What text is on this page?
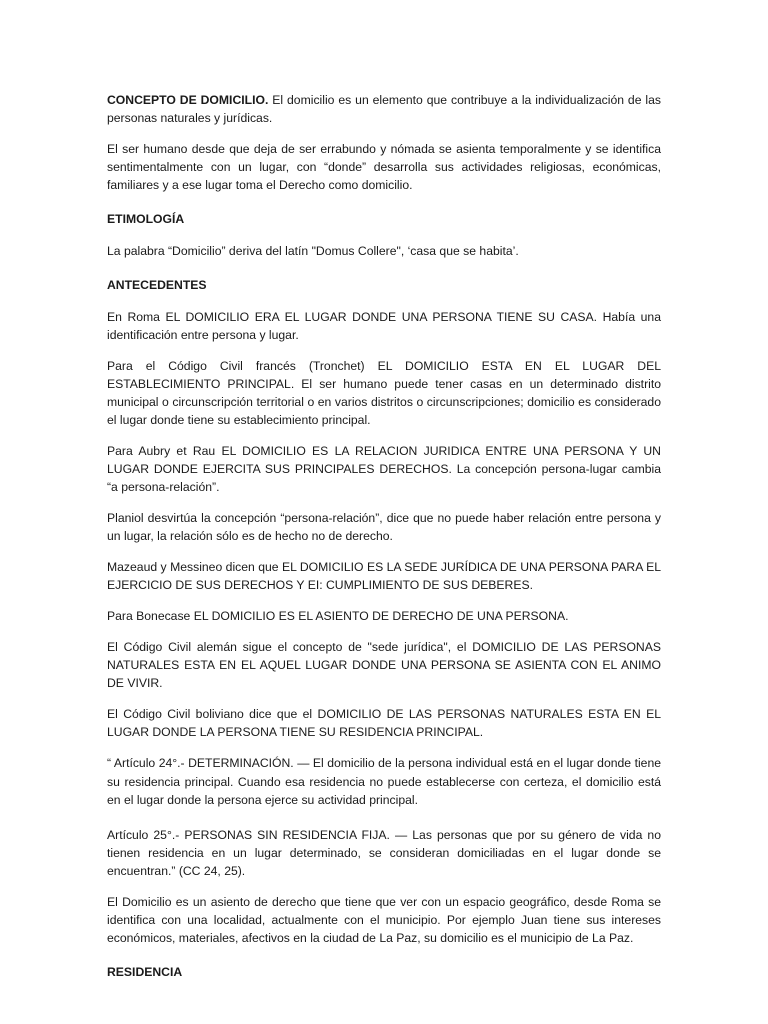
CONCEPTO DE DOMICILIO. El domicilio es un elemento que contribuye a la individualización de las personas naturales y jurídicas.

El ser humano desde que deja de ser errabundo y nómada se asienta temporalmente y se identifica sentimentalmente con un lugar, con “donde” desarrolla sus actividades religiosas, económicas, familiares y a ese lugar toma el Derecho como domicilio.

ETIMOLOGÍA

La palabra “Domicilio” deriva del latín "Domus Collere", ‘casa que se habita’.

ANTECEDENTES

En Roma EL DOMICILIO ERA EL LUGAR DONDE UNA PERSONA TIENE SU CASA. Había una identificación entre persona y lugar.

Para el Código Civil francés (Tronchet) EL DOMICILIO ESTA EN EL LUGAR DEL ESTABLECIMIENTO PRINCIPAL. El ser humano puede tener casas en un determinado distrito municipal o circunscripción territorial o en varios distritos o circunscripciones; domicilio es considerado el lugar donde tiene su establecimiento principal.

Para Aubry et Rau EL DOMICILIO ES LA RELACION JURIDICA ENTRE UNA PERSONA Y UN LUGAR DONDE EJERCITA SUS PRINCIPALES DERECHOS. La concepción persona-lugar cambia “a persona-relación”.

Planiol desvirtúa la concepción “persona-relación”, dice que no puede haber relación entre persona y un lugar, la relación sólo es de hecho no de derecho.

Mazeaud y Messineo dicen que EL DOMICILIO ES LA SEDE JURÍDICA DE UNA PERSONA PARA EL EJERCICIO DE SUS DERECHOS Y EI: CUMPLIMIENTO DE SUS DEBERES.

Para Bonecase EL DOMICILIO ES EL ASIENTO DE DERECHO DE UNA PERSONA.

El Código Civil alemán sigue el concepto de "sede jurídica", el DOMICILIO DE LAS PERSONAS NATURALES ESTA EN EL AQUEL LUGAR DONDE UNA PERSONA SE ASIENTA CON EL ANIMO DE VIVIR.

El Código Civil boliviano dice que el DOMICILIO DE LAS PERSONAS NATURALES ESTA EN EL LUGAR DONDE LA PERSONA TIENE SU RESIDENCIA PRINCIPAL.

“ Artículo 24°.- DETERMINACIÓN. — El domicilio de la persona individual está en el lugar donde tiene su residencia principal. Cuando esa residencia no puede establecerse con certeza, el domicilio está en el lugar donde la persona ejerce su actividad principal.

Artículo 25°.- PERSONAS SIN RESIDENCIA FIJA. — Las personas que por su género de vida no tienen residencia en un lugar determinado, se consideran domiciliadas en el lugar donde se encuentran.” (CC 24, 25).

El Domicilio es un asiento de derecho que tiene que ver con un espacio geográfico, desde Roma se identifica con una localidad, actualmente con el municipio. Por ejemplo Juan tiene sus intereses económicos, materiales, afectivos en la ciudad de La Paz, su domicilio es el municipio de La Paz.

RESIDENCIA
